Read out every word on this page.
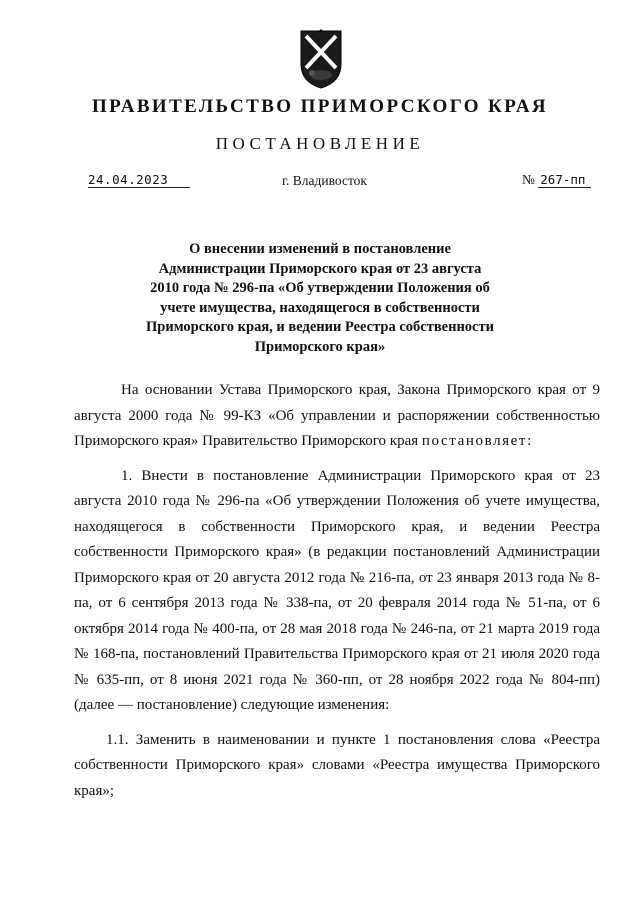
ПРАВИТЕЛЬСТВО ПРИМОРСКОГО КРАЯ
ПОСТАНОВЛЕНИЕ
24.04.2023	г. Владивосток	№ 267-пп
О внесении изменений в постановление
Администрации Приморского края от 23 августа
2010 года № 296-па «Об утверждении Положения об
учете имущества, находящегося в собственности
Приморского края, и ведении Реестра собственности
Приморского края»

На основании Устава Приморского края, Закона Приморского края от 9 августа 2000 года № 99-КЗ «Об управлении и распоряжении собственностью Приморского края» Правительство Приморского края постановляет:

1. Внести в постановление Администрации Приморского края от 23 августа 2010 года № 296-па «Об утверждении Положения об учете имущества, находящегося в собственности Приморского края, и ведении Реестра собственности Приморского края» (в редакции постановлений Администрации Приморского края от 20 августа 2012 года № 216-па, от 23 января 2013 года № 8-па, от 6 сентября 2013 года № 338-па, от 20 февраля 2014 года № 51-па, от 6 октября 2014 года № 400-па, от 28 мая 2018 года № 246-па, от 21 марта 2019 года № 168-па, постановлений Правительства Приморского края от 21 июля 2020 года № 635-пп, от 8 июня 2021 года № 360-пп, от 28 ноября 2022 года № 804-пп) (далее — постановление) следующие изменения:

1.1. Заменить в наименовании и пункте 1 постановления слова «Реестра собственности Приморского края» словами «Реестра имущества Приморского края»;
